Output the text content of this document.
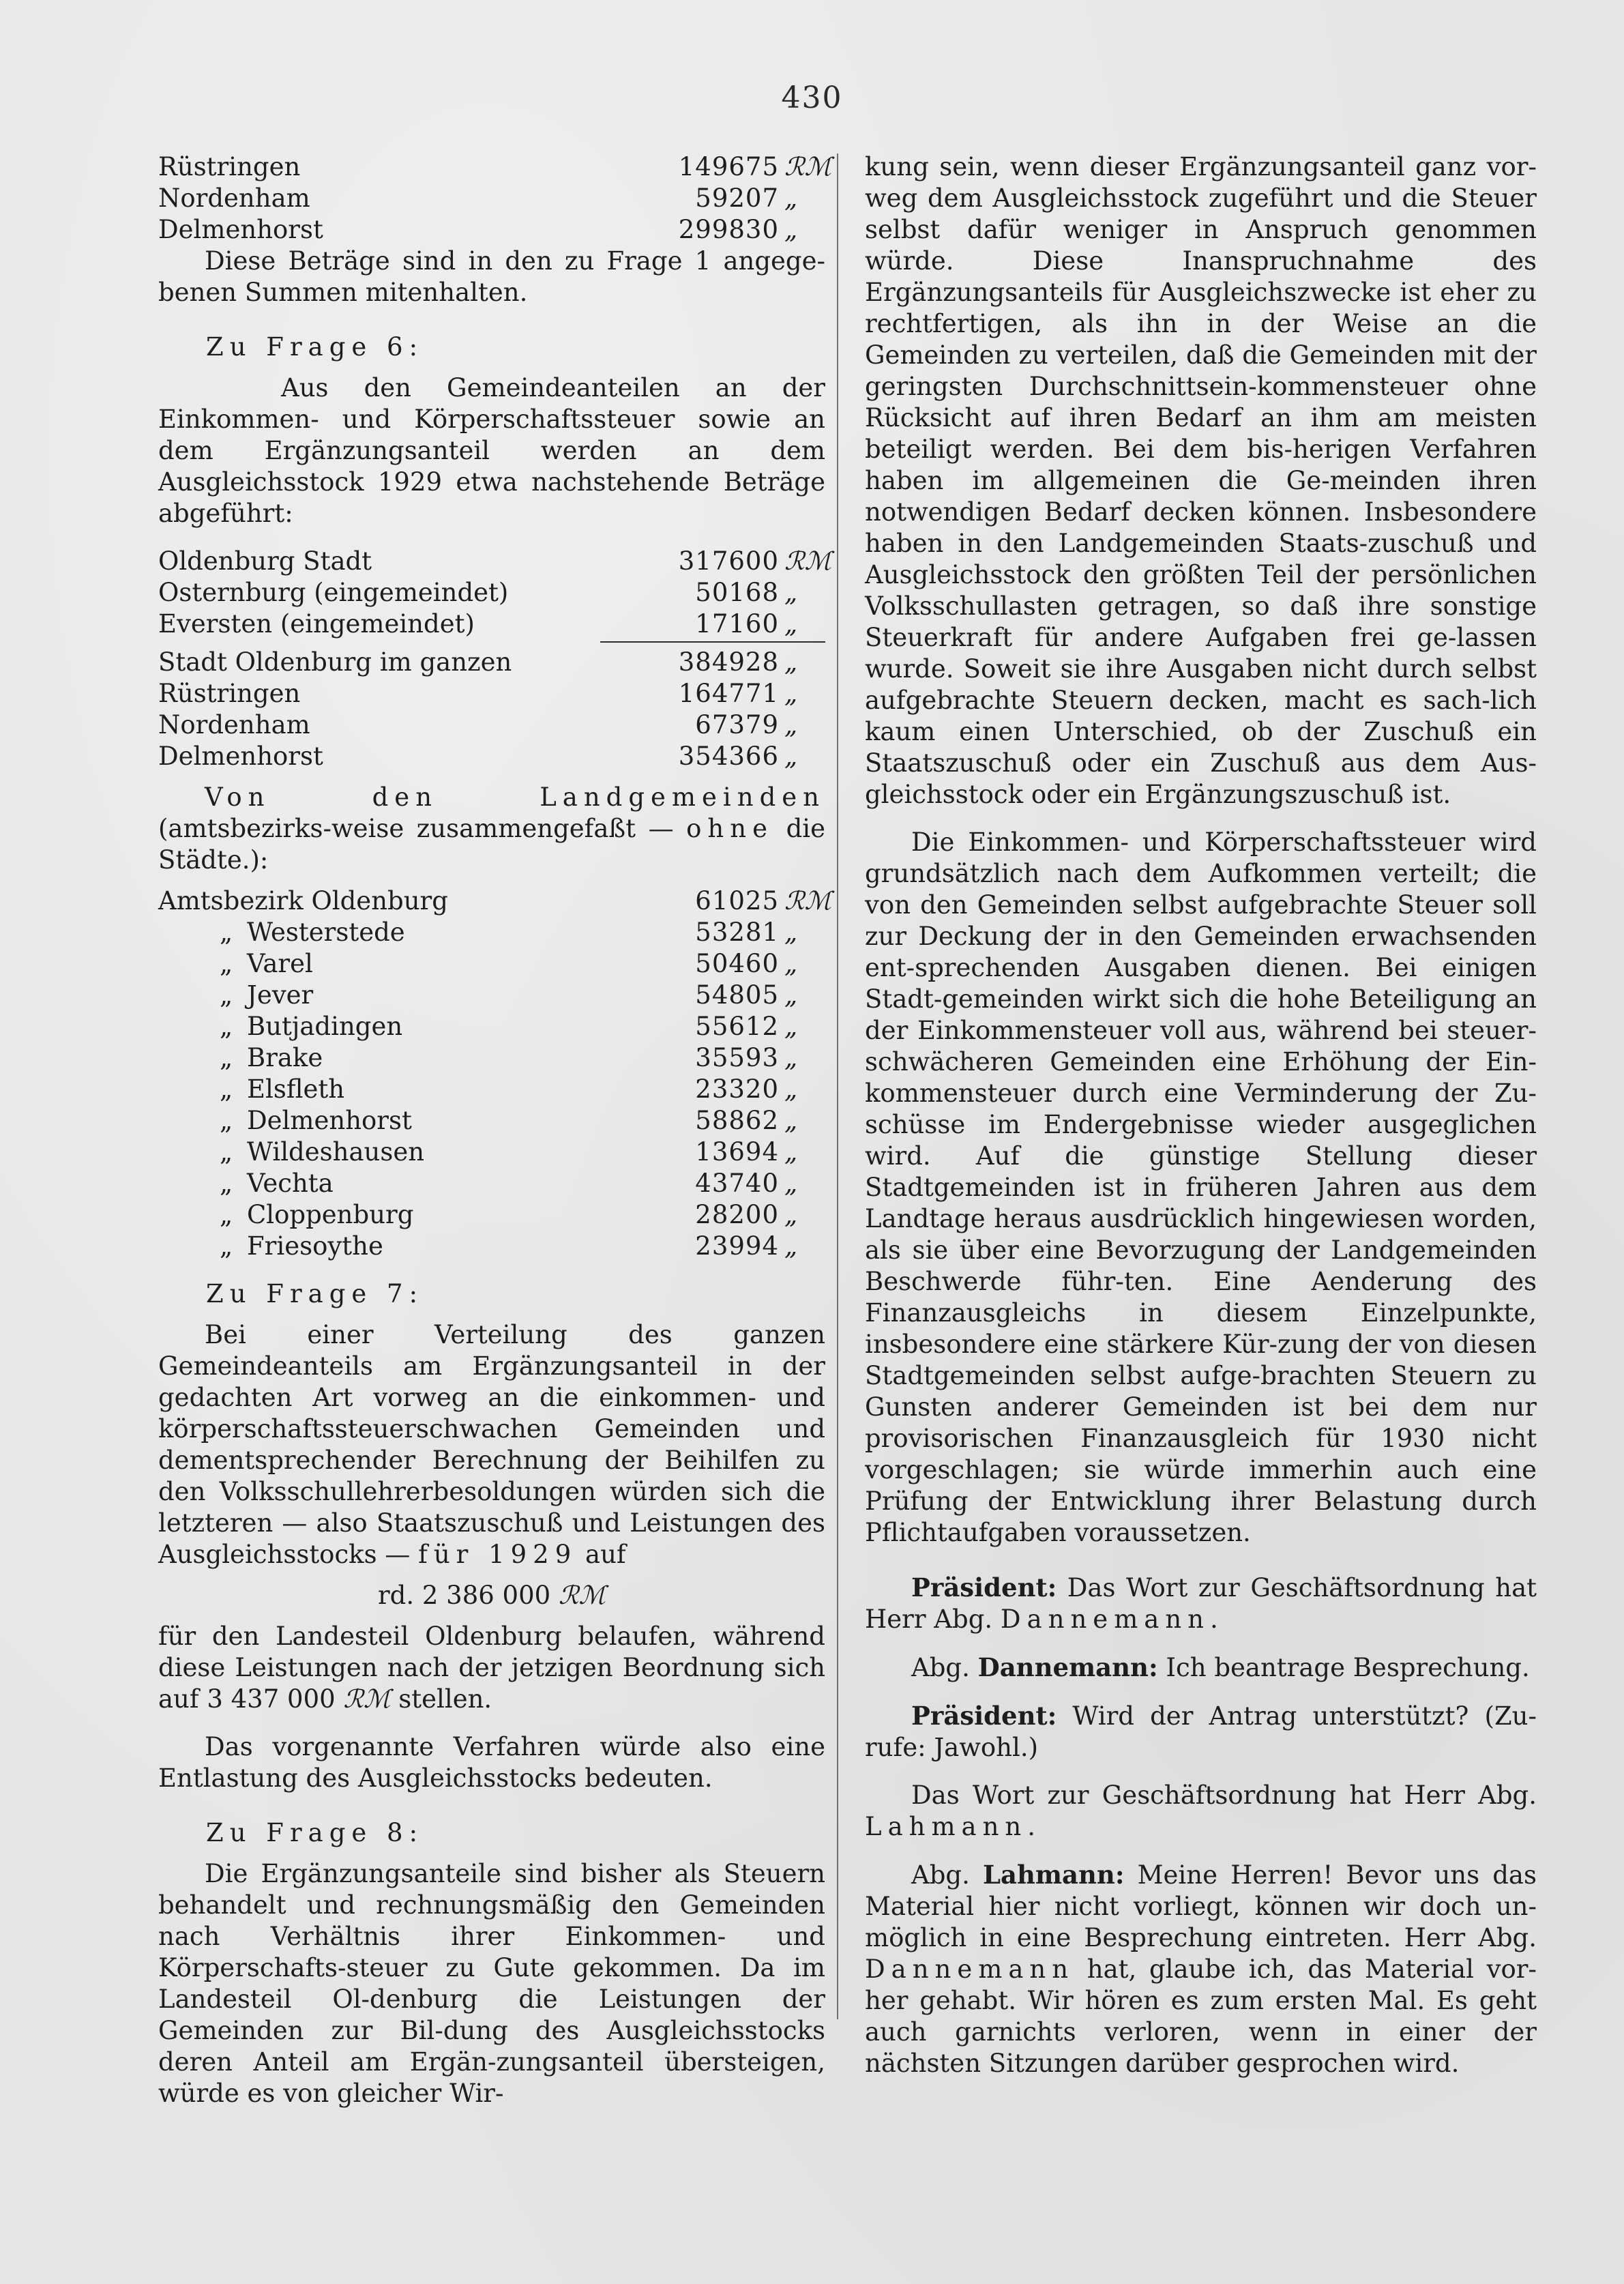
430
Rüstringen	149675 ℛℳ
Nordenham	59207 „
Delmenhorst	299830 „

Diese Beträge sind in den zu Frage 1 angege-benen Summen mitenhalten.

Zu Frage 6:

Aus den Gemeindeanteilen an der Einkommen- und Körperschaftssteuer sowie an dem Ergänzungsanteil werden an dem Ausgleichsstock 1929 etwa nachstehende Beträge abgeführt:

Oldenburg Stadt	317600 ℛℳ
Osternburg (eingemeindet)	50168 „
Eversten (eingemeindet)	17160 „
Stadt Oldenburg im ganzen	384928 „
Rüstringen	164771 „
Nordenham	67379 „
Delmenhorst	354366 „

Von den Landgemeinden (amtsbezirks-weise zusammengefaßt — ohne die Städte.):

Amtsbezirk Oldenburg	61025 ℛℳ
„ Westerstede	53281 „
„ Varel	50460 „
„ Jever	54805 „
„ Butjadingen	55612 „
„ Brake	35593 „
„ Elsfleth	23320 „
„ Delmenhorst	58862 „
„ Wildeshausen	13694 „
„ Vechta	43740 „
„ Cloppenburg	28200 „
„ Friesoythe	23994 „

Zu Frage 7:

Bei einer Verteilung des ganzen Gemeindeanteils am Ergänzungsanteil in der gedachten Art vorweg an die einkommen- und körperschaftssteuerschwachen Gemeinden und dementsprechender Berechnung der Beihilfen zu den Volksschullehrerbesoldungen würden sich die letzteren — also Staatszuschuß und Leistungen des Ausgleichsstocks — für 1929 auf

rd. 2 386 000 ℛℳ

für den Landesteil Oldenburg belaufen, während diese Leistungen nach der jetzigen Beordnung sich auf 3 437 000 ℛℳ stellen.

Das vorgenannte Verfahren würde also eine Entlastung des Ausgleichsstocks bedeuten.

Zu Frage 8:

Die Ergänzungsanteile sind bisher als Steuern behandelt und rechnungsmäßig den Gemeinden nach Verhältnis ihrer Einkommen- und Körperschafts-steuer zu Gute gekommen. Da im Landesteil Ol-denburg die Leistungen der Gemeinden zur Bil-dung des Ausgleichsstocks deren Anteil am Ergän-zungsanteil übersteigen, würde es von gleicher Wir-

kung sein, wenn dieser Ergänzungsanteil ganz vor-weg dem Ausgleichsstock zugeführt und die Steuer selbst dafür weniger in Anspruch genommen würde. Diese Inanspruchnahme des Ergänzungsanteils für Ausgleichszwecke ist eher zu rechtfertigen, als ihn in der Weise an die Gemeinden zu verteilen, daß die Gemeinden mit der geringsten Durchschnittsein-kommensteuer ohne Rücksicht auf ihren Bedarf an ihm am meisten beteiligt werden. Bei dem bis-herigen Verfahren haben im allgemeinen die Ge-meinden ihren notwendigen Bedarf decken können. Insbesondere haben in den Landgemeinden Staats-zuschuß und Ausgleichsstock den größten Teil der persönlichen Volksschullasten getragen, so daß ihre sonstige Steuerkraft für andere Aufgaben frei ge-lassen wurde. Soweit sie ihre Ausgaben nicht durch selbst aufgebrachte Steuern decken, macht es sach-lich kaum einen Unterschied, ob der Zuschuß ein Staatszuschuß oder ein Zuschuß aus dem Aus-gleichsstock oder ein Ergänzungszuschuß ist.

Die Einkommen- und Körperschaftssteuer wird grundsätzlich nach dem Aufkommen verteilt; die von den Gemeinden selbst aufgebrachte Steuer soll zur Deckung der in den Gemeinden erwachsenden ent-sprechenden Ausgaben dienen. Bei einigen Stadt-gemeinden wirkt sich die hohe Beteiligung an der Einkommensteuer voll aus, während bei steuer-schwächeren Gemeinden eine Erhöhung der Ein-kommensteuer durch eine Verminderung der Zu-schüsse im Endergebnisse wieder ausgeglichen wird. Auf die günstige Stellung dieser Stadtgemeinden ist in früheren Jahren aus dem Landtage heraus ausdrücklich hingewiesen worden, als sie über eine Bevorzugung der Landgemeinden Beschwerde führ-ten. Eine Aenderung des Finanzausgleichs in diesem Einzelpunkte, insbesondere eine stärkere Kür-zung der von diesen Stadtgemeinden selbst aufge-brachten Steuern zu Gunsten anderer Gemeinden ist bei dem nur provisorischen Finanzausgleich für 1930 nicht vorgeschlagen; sie würde immerhin auch eine Prüfung der Entwicklung ihrer Belastung durch Pflichtaufgaben voraussetzen.

Präsident: Das Wort zur Geschäftsordnung hat Herr Abg. Dannemann.

Abg. Dannemann: Ich beantrage Besprechung.

Präsident: Wird der Antrag unterstützt? (Zu-rufe: Jawohl.)

Das Wort zur Geschäftsordnung hat Herr Abg. Lahmann.

Abg. Lahmann: Meine Herren! Bevor uns das Material hier nicht vorliegt, können wir doch un-möglich in eine Besprechung eintreten. Herr Abg. Dannemann hat, glaube ich, das Material vor-her gehabt. Wir hören es zum ersten Mal. Es geht auch garnichts verloren, wenn in einer der nächsten Sitzungen darüber gesprochen wird.
